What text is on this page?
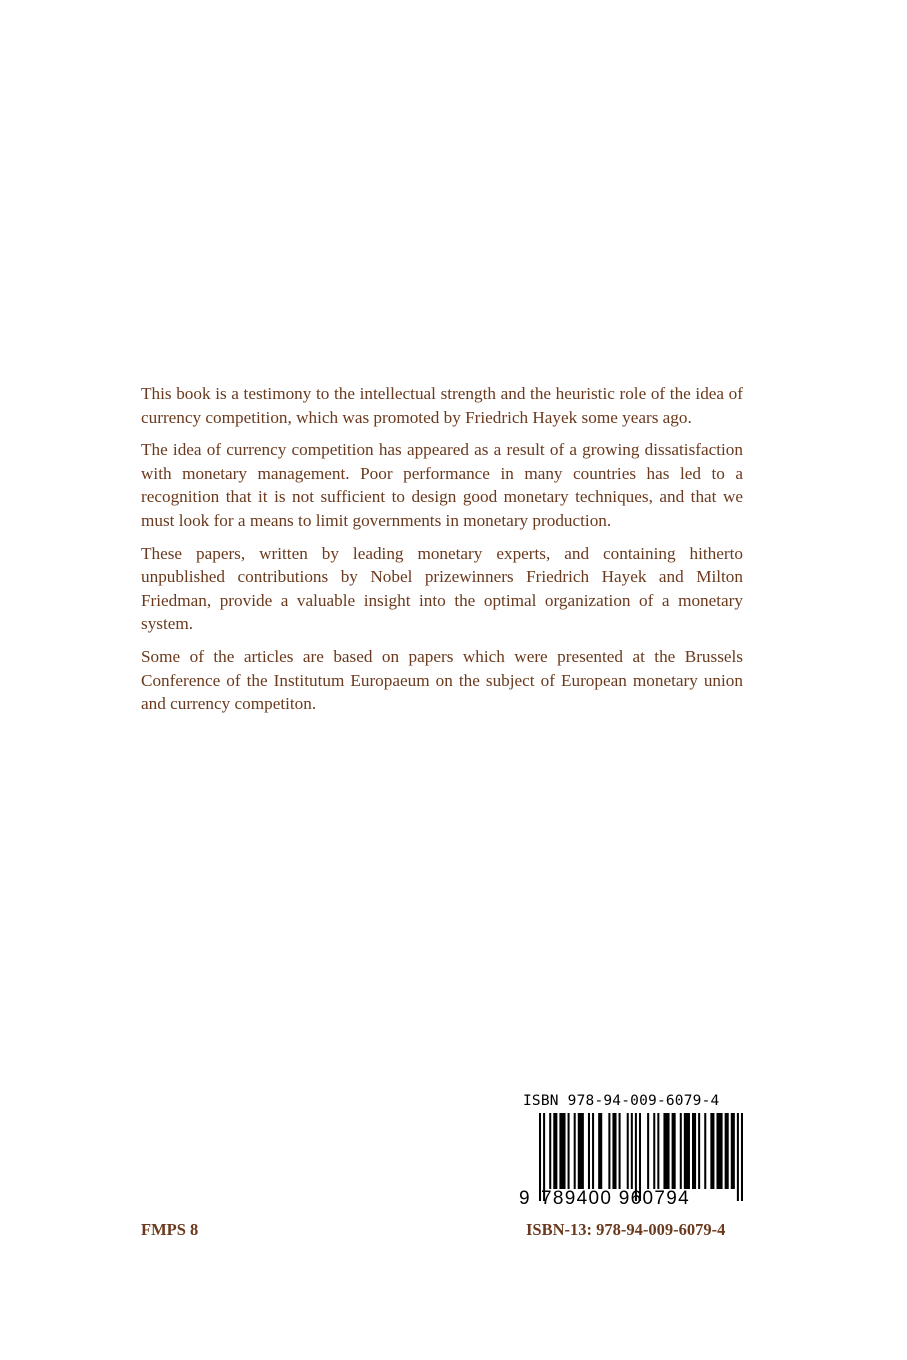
This book is a testimony to the intellectual strength and the heuristic role of the idea of currency competition, which was promoted by Friedrich Hayek some years ago.

The idea of currency competition has appeared as a result of a growing dissatisfaction with monetary management. Poor performance in many countries has led to a recognition that it is not sufficient to design good monetary techniques, and that we must look for a means to limit governments in monetary production.

These papers, written by leading monetary experts, and containing hitherto unpublished contributions by Nobel prizewinners Friedrich Hayek and Milton Friedman, provide a valuable insight into the optimal organization of a monetary system.

Some of the articles are based on papers which were presented at the Brussels Conference of the Institutum Europaeum on the subject of European monetary union and currency competiton.

ISBN 978-94-009-6079-4
9 789400 960794
FMPS 8	ISBN-13: 978-94-009-6079-4
